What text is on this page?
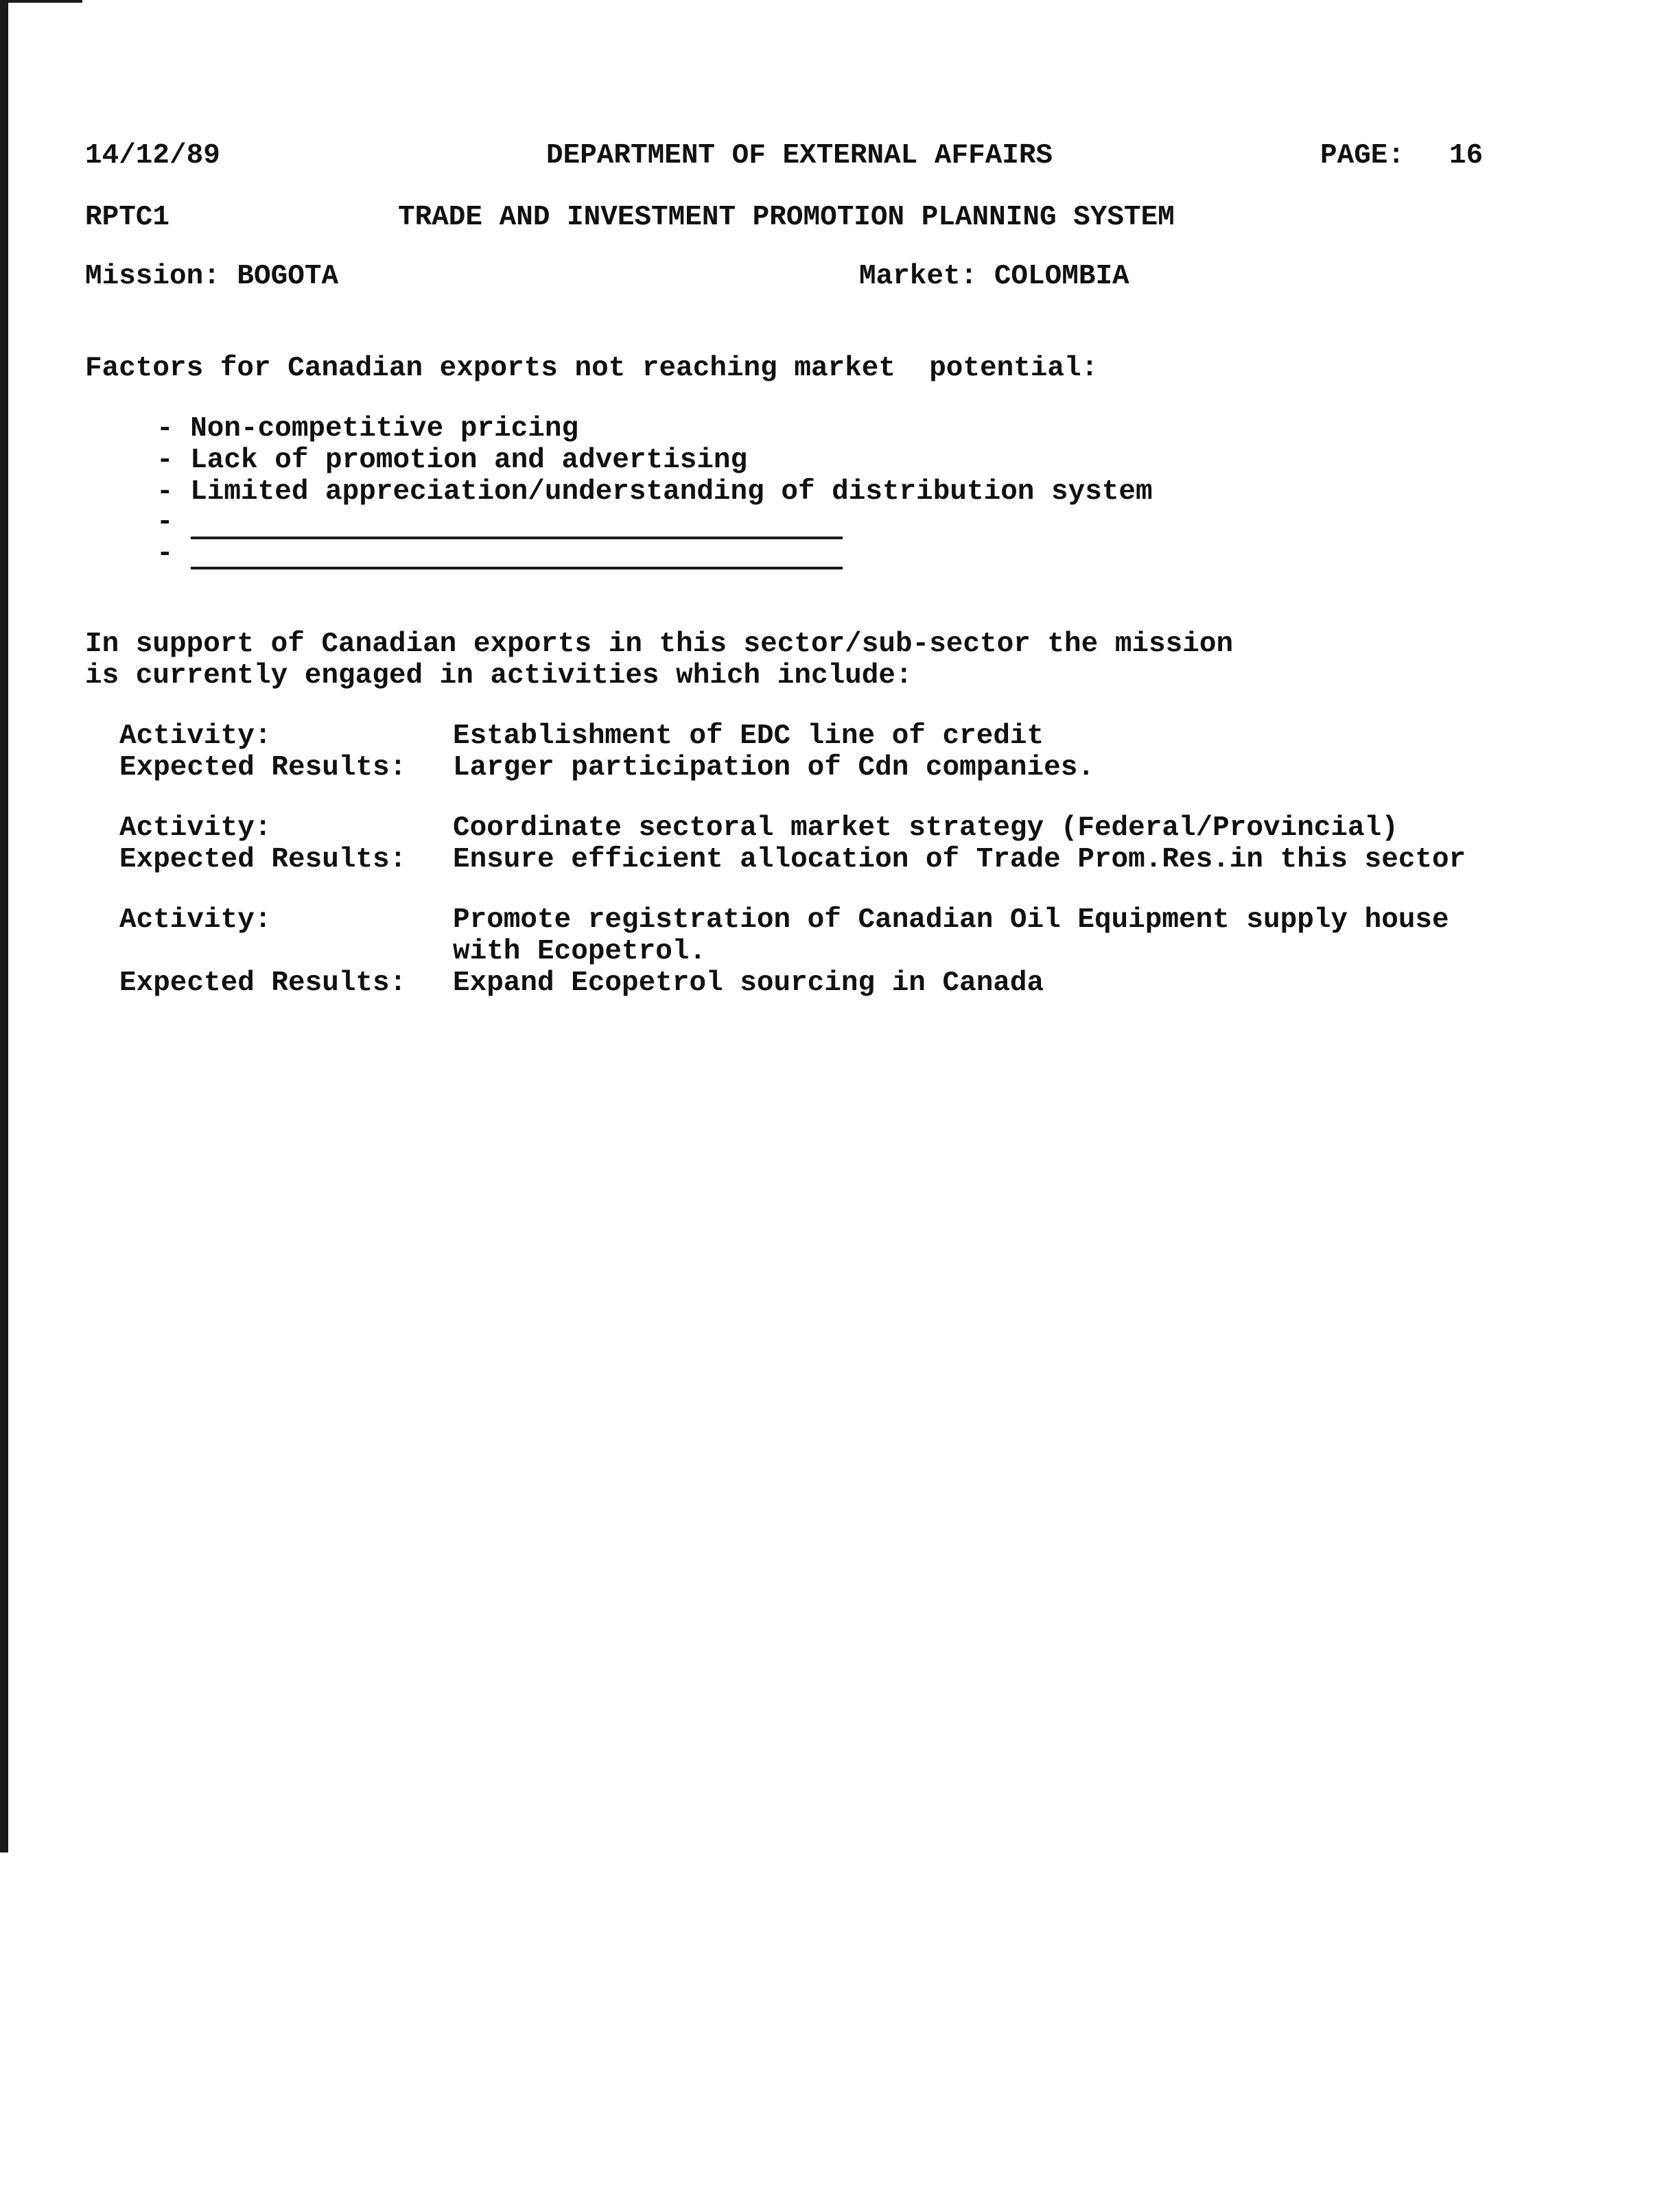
14/12/89	DEPARTMENT OF EXTERNAL AFFAIRS	PAGE: 16
RPTC1	TRADE AND INVESTMENT PROMOTION PLANNING SYSTEM
Mission: BOGOTA	Market: COLOMBIA
Factors for Canadian exports not reaching market  potential:
- Non-competitive pricing
- Lack of promotion and advertising
- Limited appreciation/understanding of distribution system
-
-
In support of Canadian exports in this sector/sub-sector the mission
is currently engaged in activities which include:
Activity:	Establishment of EDC line of credit
Expected Results: Larger participation of Cdn companies.
Activity:	Coordinate sectoral market strategy (Federal/Provincial)
Expected Results: Ensure efficient allocation of Trade Prom.Res.in this sector
Activity:	Promote registration of Canadian Oil Equipment supply house
with Ecopetrol.
Expected Results: Expand Ecopetrol sourcing in Canada
